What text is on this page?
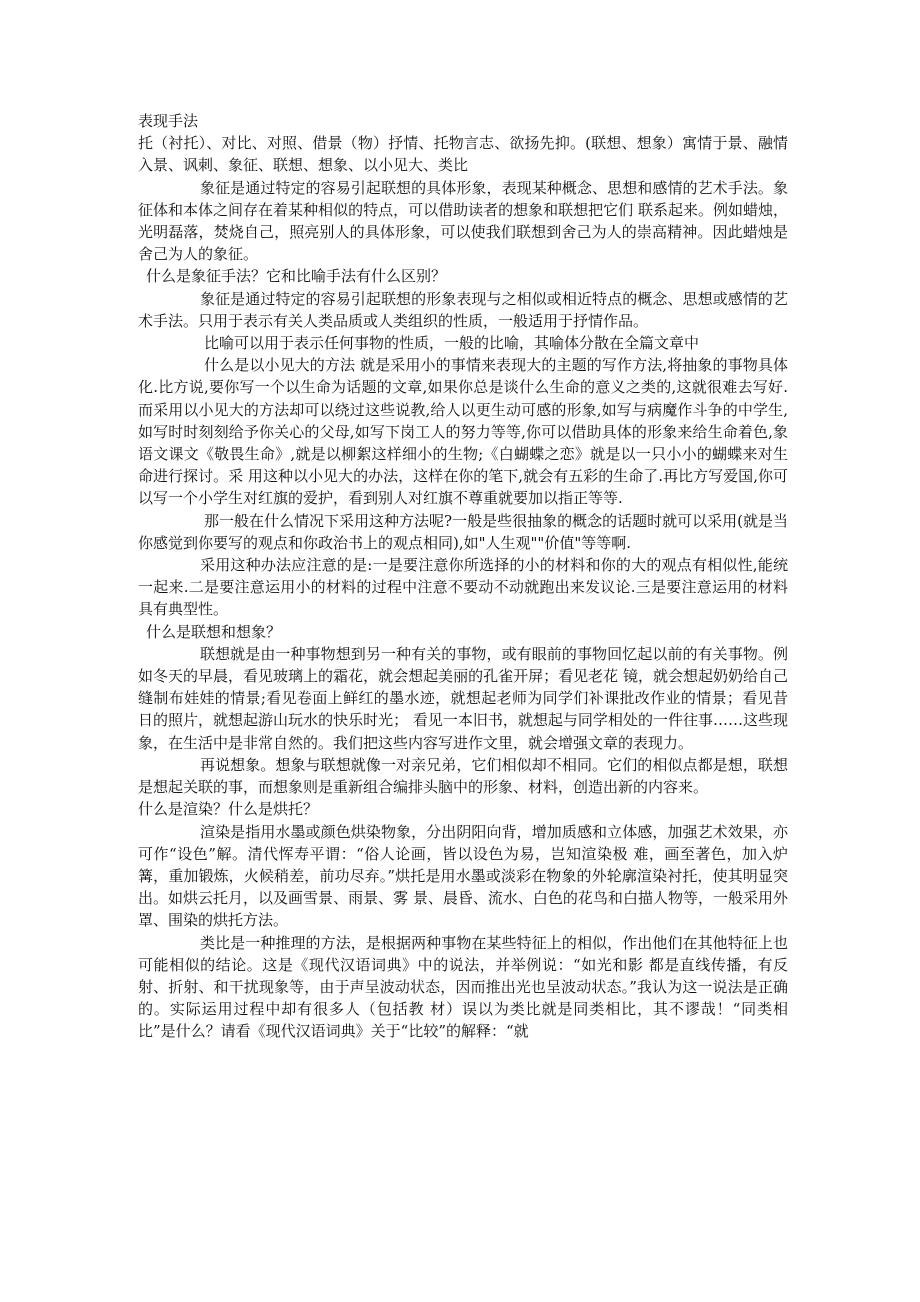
表现手法

托（衬托）、对比、对照、借景（物）抒情、托物言志、欲扬先抑。(联想、想象）寓情于景、融情入景、讽刺、象征、联想、想象、以小见大、类比

象征是通过特定的容易引起联想的具体形象，表现某种概念、思想和感情的艺术手法。象征体和本体之间存在着某种相似的特点，可以借助读者的想象和联想把它们 联系起来。例如蜡烛，光明磊落，焚烧自己，照亮别人的具体形象，可以使我们联想到舍己为人的崇高精神。因此蜡烛是舍己为人的象征。

什么是象征手法？它和比喻手法有什么区别？

象征是通过特定的容易引起联想的形象表现与之相似或相近特点的概念、思想或感情的艺术手法。只用于表示有关人类品质或人类组织的性质，一般适用于抒情作品。

比喻可以用于表示任何事物的性质，一般的比喻，其喻体分散在全篇文章中

什么是以小见大的方法 就是采用小的事情来表现大的主题的写作方法,将抽象的事物具体化.比方说,要你写一个以生命为话题的文章,如果你总是谈什么生命的意义之类的,这就很难去写好.而采用以小见大的方法却可以绕过这些说教,给人以更生动可感的形象,如写与病魔作斗争的中学生,如写时时刻刻给予你关心的父母,如写下岗工人的努力等等,你可以借助具体的形象来给生命着色,象语文课文《敬畏生命》,就是以柳絮这样细小的生物;《白蝴蝶之恋》就是以一只小小的蝴蝶来对生命进行探讨。采 用这种以小见大的办法，这样在你的笔下,就会有五彩的生命了.再比方写爱国,你可以写一个小学生对红旗的爱护，看到别人对红旗不尊重就要加以指正等等.

那一般在什么情况下采用这种方法呢?一般是些很抽象的概念的话题时就可以采用(就是当你感觉到你要写的观点和你政治书上的观点相同),如"人生观""价值"等等啊.

采用这种办法应注意的是:一是要注意你所选择的小的材料和你的大的观点有相似性,能统一起来.二是要注意运用小的材料的过程中注意不要动不动就跑出来发议论.三是要注意运用的材料具有典型性。

什么是联想和想象？

联想就是由一种事物想到另一种有关的事物，或有眼前的事物回忆起以前的有关事物。例如冬天的早晨，看见玻璃上的霜花，就会想起美丽的孔雀开屏；看见老花 镜，就会想起奶奶给自己缝制布娃娃的情景;看见卷面上鲜红的墨水迹，就想起老师为同学们补课批改作业的情景；看见昔日的照片，就想起游山玩水的快乐时光； 看见一本旧书，就想起与同学相处的一件往事……这些现象，在生活中是非常自然的。我们把这些内容写进作文里，就会增强文章的表现力。

再说想象。想象与联想就像一对亲兄弟，它们相似却不相同。它们的相似点都是想，联想是想起关联的事，而想象则是重新组合编排头脑中的形象、材料，创造出新的内容来。

什么是渲染？什么是烘托？

渲染是指用水墨或颜色烘染物象，分出阴阳向背，增加质感和立体感，加强艺术效果，亦可作“设色”解。清代恽寿平谓：“俗人论画，皆以设色为易，岂知渲染极 难，画至著色，加入炉篝，重加锻炼，火候稍差，前功尽弃。”烘托是用水墨或淡彩在物象的外轮廓渲染衬托，使其明显突出。如烘云托月，以及画雪景、雨景、雾 景、晨昏、流水、白色的花鸟和白描人物等，一般采用外罩、围染的烘托方法。

类比是一种推理的方法，是根据两种事物在某些特征上的相似，作出他们在其他特征上也可能相似的结论。这是《现代汉语词典》中的说法，并举例说：“如光和影 都是直线传播，有反射、折射、和干扰现象等，由于声呈波动状态，因而推出光也呈波动状态。”我认为这一说法是正确的。实际运用过程中却有很多人（包括教 材）误以为类比就是同类相比，其不谬哉！“同类相比”是什么？请看《现代汉语词典》关于“比较”的解释：“就
